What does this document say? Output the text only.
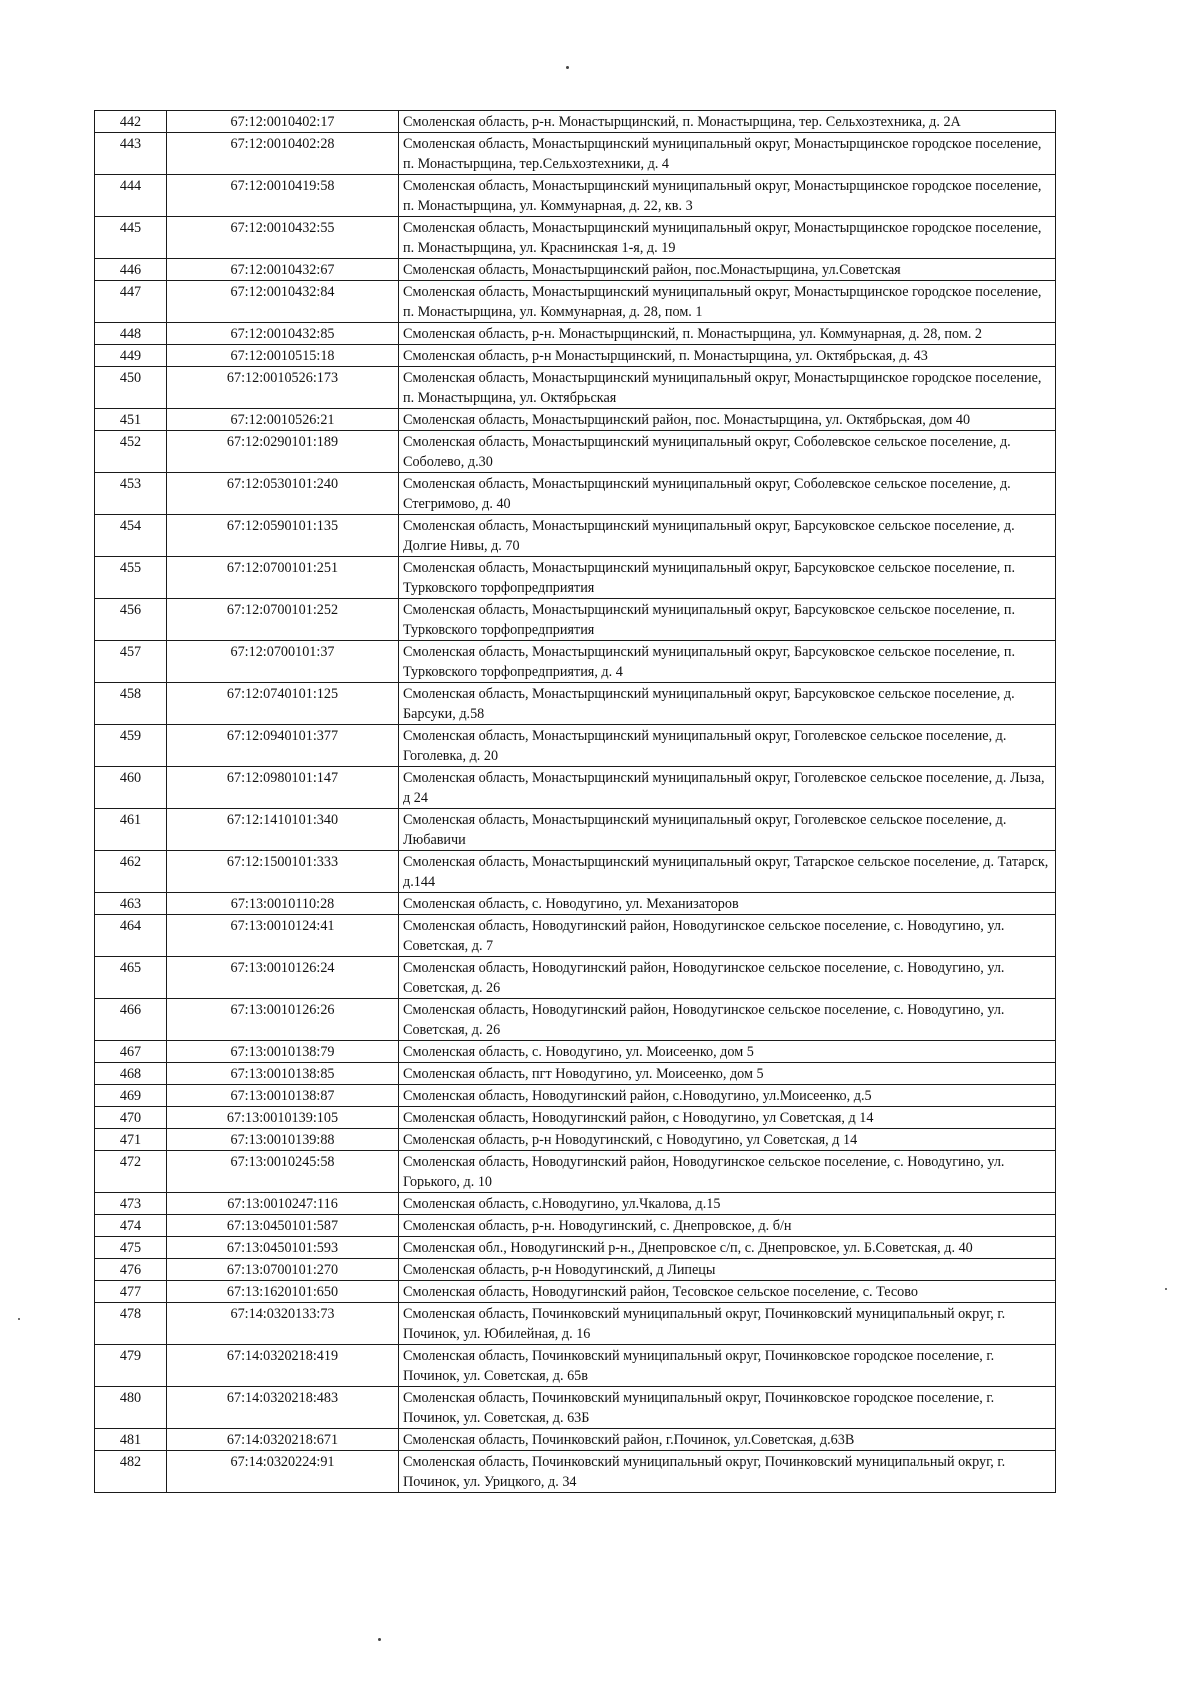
442	67:12:0010402:17	Смоленская область, р-н. Монастырщинский, п. Монастырщина, тер. Сельхозтехника, д. 2А
443	67:12:0010402:28	Смоленская область, Монастырщинский муниципальный округ, Монастырщинское городское поселение, п. Монастырщина, тер.Сельхозтехники, д. 4
444	67:12:0010419:58	Смоленская область, Монастырщинский муниципальный округ, Монастырщинское городское поселение, п. Монастырщина, ул. Коммунарная, д. 22, кв. 3
445	67:12:0010432:55	Смоленская область, Монастырщинский муниципальный округ, Монастырщинское городское поселение, п. Монастырщина, ул. Краснинская 1-я, д. 19
446	67:12:0010432:67	Смоленская область, Монастырщинский район, пос.Монастырщина, ул.Советская
447	67:12:0010432:84	Смоленская область, Монастырщинский муниципальный округ, Монастырщинское городское поселение, п. Монастырщина, ул. Коммунарная, д. 28, пом. 1
448	67:12:0010432:85	Смоленская область, р-н. Монастырщинский, п. Монастырщина, ул. Коммунарная, д. 28, пом. 2
449	67:12:0010515:18	Смоленская область, р-н Монастырщинский, п. Монастырщина, ул. Октябрьская, д. 43
450	67:12:0010526:173	Смоленская область, Монастырщинский муниципальный округ, Монастырщинское городское поселение, п. Монастырщина, ул. Октябрьская
451	67:12:0010526:21	Смоленская область, Монастырщинский район, пос. Монастырщина, ул. Октябрьская, дом 40
452	67:12:0290101:189	Смоленская область, Монастырщинский муниципальный округ, Соболевское сельское поселение, д. Соболево, д.30
453	67:12:0530101:240	Смоленская область, Монастырщинский муниципальный округ, Соболевское сельское поселение, д. Стегримово, д. 40
454	67:12:0590101:135	Смоленская область, Монастырщинский муниципальный округ, Барсуковское сельское поселение, д. Долгие Нивы, д. 70
455	67:12:0700101:251	Смоленская область, Монастырщинский муниципальный округ, Барсуковское сельское поселение, п. Турковского торфопредприятия
456	67:12:0700101:252	Смоленская область, Монастырщинский муниципальный округ, Барсуковское сельское поселение, п. Турковского торфопредприятия
457	67:12:0700101:37	Смоленская область, Монастырщинский муниципальный округ, Барсуковское сельское поселение, п. Турковского торфопредприятия, д. 4
458	67:12:0740101:125	Смоленская область, Монастырщинский муниципальный округ, Барсуковское сельское поселение, д. Барсуки, д.58
459	67:12:0940101:377	Смоленская область, Монастырщинский муниципальный округ, Гоголевское сельское поселение, д. Гоголевка, д. 20
460	67:12:0980101:147	Смоленская область, Монастырщинский муниципальный округ, Гоголевское сельское поселение, д. Лыза, д 24
461	67:12:1410101:340	Смоленская область, Монастырщинский муниципальный округ, Гоголевское сельское поселение, д. Любавичи
462	67:12:1500101:333	Смоленская область, Монастырщинский муниципальный округ, Татарское сельское поселение, д. Татарск, д.144
463	67:13:0010110:28	Смоленская область, с. Новодугино, ул. Механизаторов
464	67:13:0010124:41	Смоленская область, Новодугинский район, Новодугинское сельское поселение, с. Новодугино, ул. Советская, д. 7
465	67:13:0010126:24	Смоленская область, Новодугинский район, Новодугинское сельское поселение, с. Новодугино, ул. Советская, д. 26
466	67:13:0010126:26	Смоленская область, Новодугинский район, Новодугинское сельское поселение, с. Новодугино, ул. Советская, д. 26
467	67:13:0010138:79	Смоленская область, с. Новодугино, ул. Моисеенко, дом 5
468	67:13:0010138:85	Смоленская область, пгт Новодугино, ул. Моисеенко, дом 5
469	67:13:0010138:87	Смоленская область, Новодугинский район, с.Новодугино, ул.Моисеенко, д.5
470	67:13:0010139:105	Смоленская область, Новодугинский район, с Новодугино, ул Советская, д 14
471	67:13:0010139:88	Смоленская область, р-н Новодугинский, с Новодугино, ул Советская, д 14
472	67:13:0010245:58	Смоленская область, Новодугинский район, Новодугинское сельское поселение, с. Новодугино, ул. Горького, д. 10
473	67:13:0010247:116	Смоленская область, с.Новодугино, ул.Чкалова, д.15
474	67:13:0450101:587	Смоленская область, р-н. Новодугинский, с. Днепровское, д. б/н
475	67:13:0450101:593	Смоленская обл., Новодугинский р-н., Днепровское с/п, с. Днепровское, ул. Б.Советская, д. 40
476	67:13:0700101:270	Смоленская область, р-н Новодугинский, д Липецы
477	67:13:1620101:650	Смоленская область, Новодугинский район, Тесовское сельское поселение, с. Тесово
478	67:14:0320133:73	Смоленская область, Починковский муниципальный округ, Починковский муниципальный округ, г. Починок, ул. Юбилейная, д. 16
479	67:14:0320218:419	Смоленская область, Починковский муниципальный округ, Починковское городское поселение, г. Починок, ул. Советская, д. 65в
480	67:14:0320218:483	Смоленская область, Починковский муниципальный округ, Починковское городское поселение, г. Починок, ул. Советская, д. 63Б
481	67:14:0320218:671	Смоленская область, Починковский район, г.Починок, ул.Советская, д.63В
482	67:14:0320224:91	Смоленская область, Починковский муниципальный округ, Починковский муниципальный округ, г. Починок, ул. Урицкого, д. 34
